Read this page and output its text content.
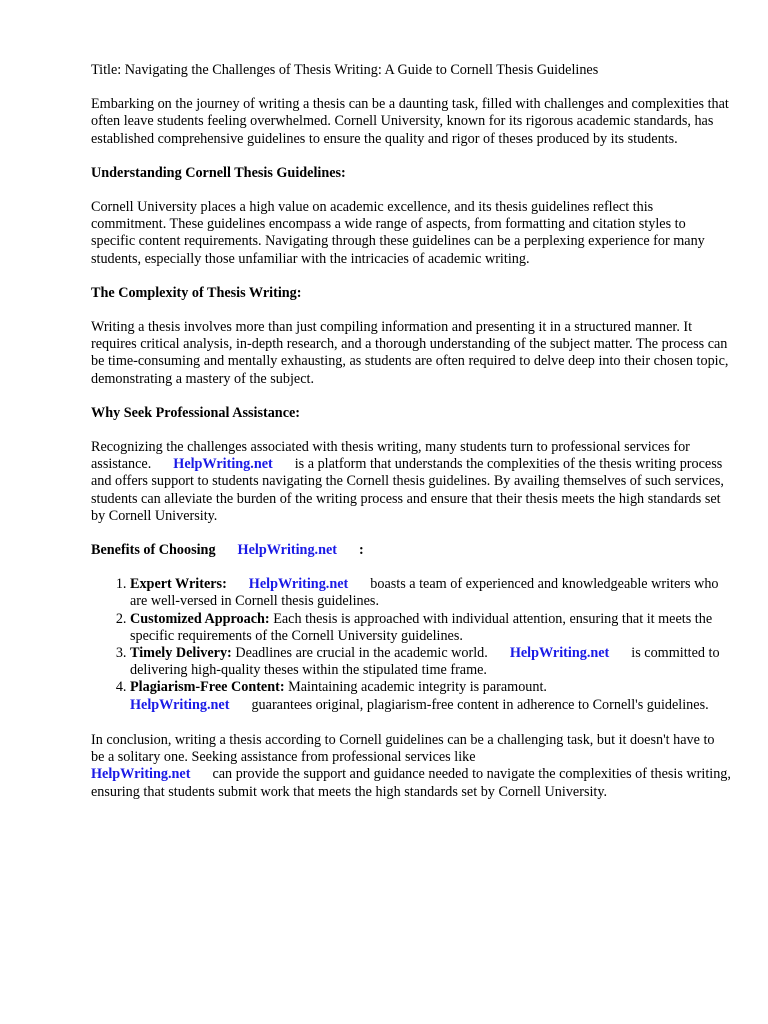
Title: Navigating the Challenges of Thesis Writing: A Guide to Cornell Thesis Guidelines

Embarking on the journey of writing a thesis can be a daunting task, filled with challenges and complexities that often leave students feeling overwhelmed. Cornell University, known for its rigorous academic standards, has established comprehensive guidelines to ensure the quality and rigor of theses produced by its students.

Understanding Cornell Thesis Guidelines:

Cornell University places a high value on academic excellence, and its thesis guidelines reflect this commitment. These guidelines encompass a wide range of aspects, from formatting and citation styles to specific content requirements. Navigating through these guidelines can be a perplexing experience for many students, especially those unfamiliar with the intricacies of academic writing.

The Complexity of Thesis Writing:

Writing a thesis involves more than just compiling information and presenting it in a structured manner. It requires critical analysis, in-depth research, and a thorough understanding of the subject matter. The process can be time-consuming and mentally exhausting, as students are often required to delve deep into their chosen topic, demonstrating a mastery of the subject.

Why Seek Professional Assistance:

Recognizing the challenges associated with thesis writing, many students turn to professional services for assistance. HelpWriting.net is a platform that understands the complexities of the thesis writing process and offers support to students navigating the Cornell thesis guidelines. By availing themselves of such services, students can alleviate the burden of the writing process and ensure that their thesis meets the high standards set by Cornell University.

Benefits of Choosing HelpWriting.net :
1. Expert Writers: HelpWriting.net boasts a team of experienced and knowledgeable writers who are well-versed in Cornell thesis guidelines.
2. Customized Approach: Each thesis is approached with individual attention, ensuring that it meets the specific requirements of the Cornell University guidelines.
3. Timely Delivery: Deadlines are crucial in the academic world. HelpWriting.net is committed to delivering high-quality theses within the stipulated time frame.
4. Plagiarism-Free Content: Maintaining academic integrity is paramount.
HelpWriting.net guarantees original, plagiarism-free content in adherence to Cornell's guidelines.

In conclusion, writing a thesis according to Cornell guidelines can be a challenging task, but it doesn't have to be a solitary one. Seeking assistance from professional services like
HelpWriting.net can provide the support and guidance needed to navigate the complexities of thesis writing, ensuring that students submit work that meets the high standards set by Cornell University.
